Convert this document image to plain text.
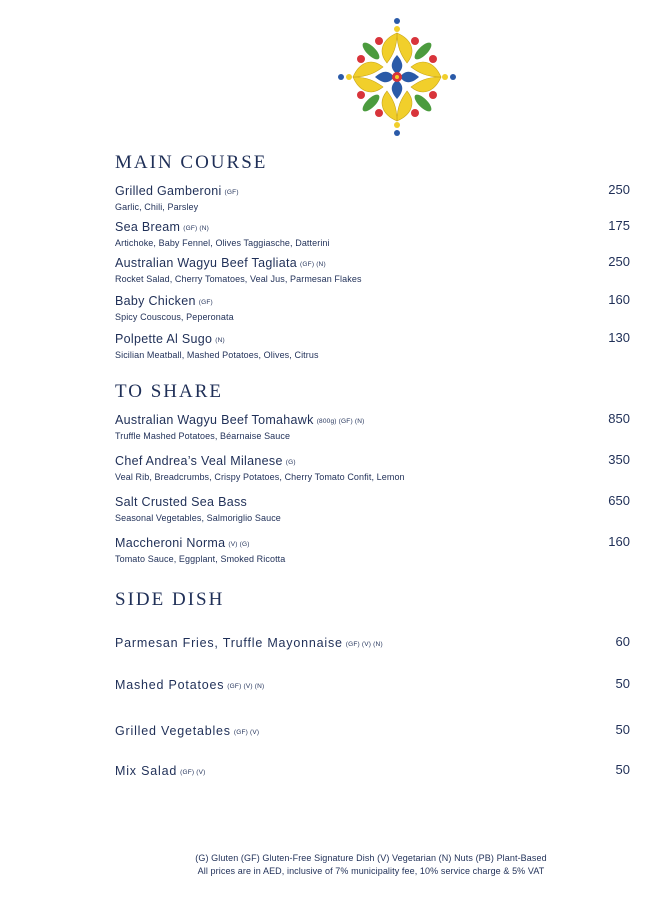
MAIN COURSE
Grilled Gamberoni (GF)
Garlic, Chili, Parsley
250
Sea Bream (GF) (N)
Artichoke, Baby Fennel, Olives Taggiasche, Datterini
175
Australian Wagyu Beef Tagliata (GF) (N)
Rocket Salad, Cherry Tomatoes, Veal Jus, Parmesan Flakes
250
Baby Chicken (GF)
Spicy Couscous, Peperonata
160
Polpette Al Sugo (N)
Sicilian Meatball, Mashed Potatoes, Olives, Citrus
130
TO SHARE
Australian Wagyu Beef Tomahawk (800g) (GF) (N)
Truffle Mashed Potatoes, Béarnaise Sauce
850
Chef Andrea’s Veal Milanese (G)
Veal Rib, Breadcrumbs, Crispy Potatoes, Cherry Tomato Confit, Lemon
350
Salt Crusted Sea Bass
Seasonal Vegetables, Salmoriglio Sauce
650
Maccheroni Norma (V) (G)
Tomato Sauce, Eggplant, Smoked Ricotta
160
SIDE DISH
Parmesan Fries, Truffle Mayonnaise (GF) (V) (N)	60
Mashed Potatoes (GF) (V) (N)	50
Grilled Vegetables (GF) (V)	50
Mix Salad (GF) (V)	50
(G) Gluten (GF) Gluten-Free Signature Dish (V) Vegetarian (N) Nuts (PB) Plant-Based
All prices are in AED, inclusive of 7% municipality fee, 10% service charge & 5% VAT
